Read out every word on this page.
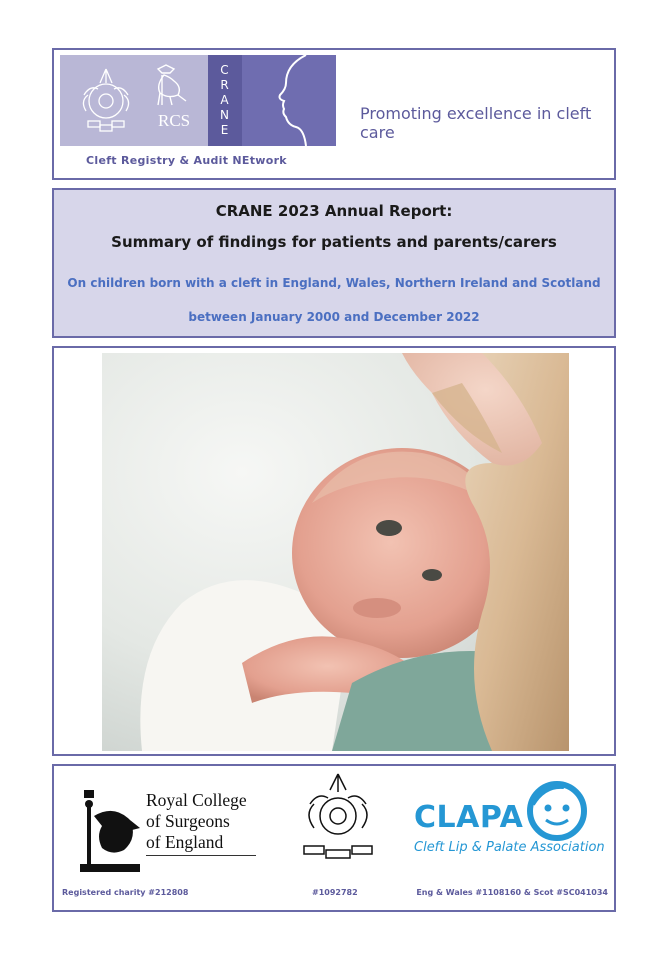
RCS
C
R
A
N
E
Promoting excellence in cleft care
Cleft Registry & Audit NEtwork
CRANE 2023 Annual Report:
Summary of findings for patients and parents/carers
On children born with a cleft in England, Wales, Northern Ireland and Scotland
between January 2000 and December 2022
Royal College
of Surgeons
of England
CLAPA
Cleft Lip & Palate Association
Registered charity #212808	#1092782	Eng & Wales #1108160 & Scot #SC041034
